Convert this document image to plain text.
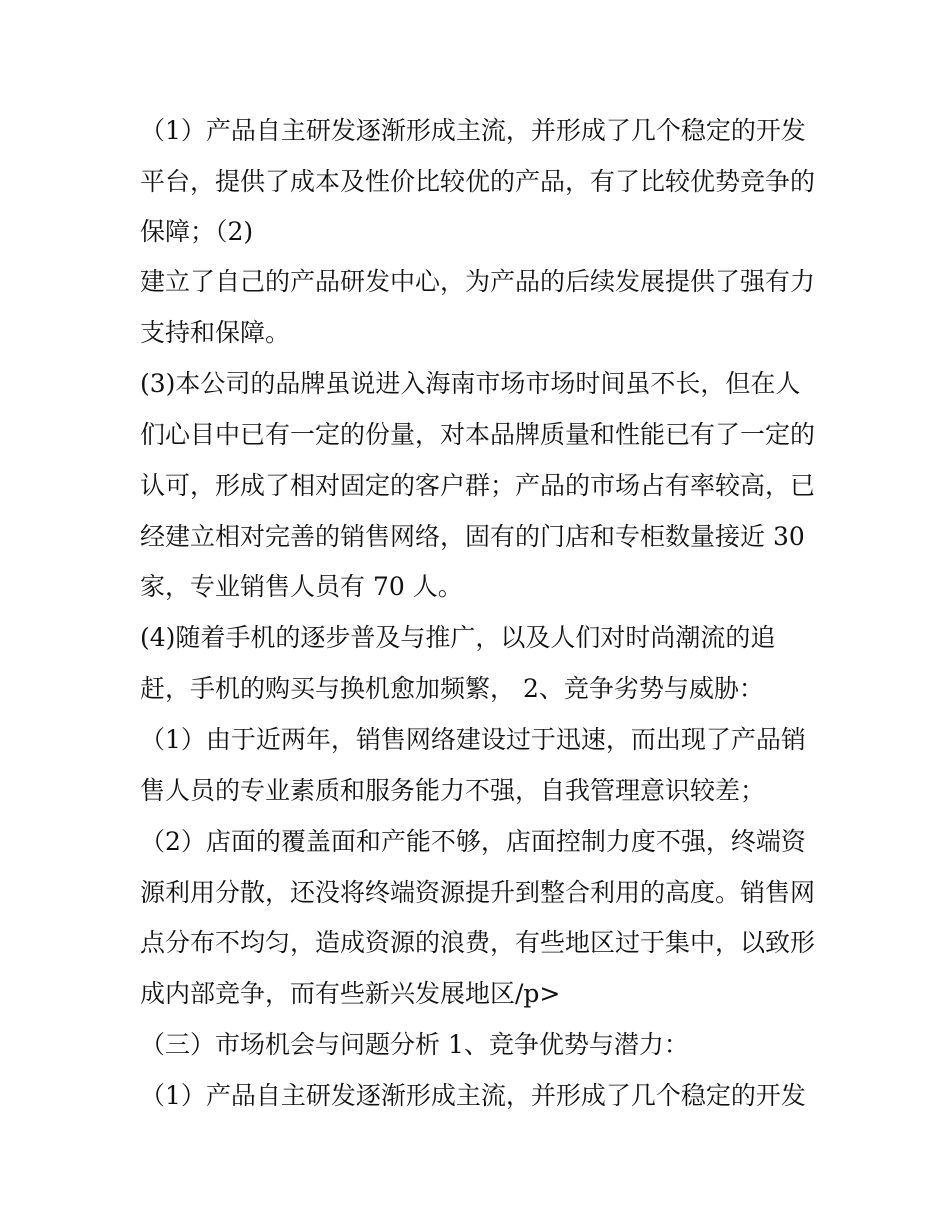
（1）产品自主研发逐渐形成主流，并形成了几个稳定的开发
平台，提供了成本及性价比较优的产品，有了比较优势竞争的
保障；（2)
建立了自己的产品研发中心，为产品的后续发展提供了强有力
支持和保障。
(3)本公司的品牌虽说进入海南市场市场时间虽不长，但在人
们心目中已有一定的份量，对本品牌质量和性能已有了一定的
认可，形成了相对固定的客户群；产品的市场占有率较高，已
经建立相对完善的销售网络，固有的门店和专柜数量接近 30
家，专业销售人员有 70 人。
(4)随着手机的逐步普及与推广，以及人们对时尚潮流的追
赶，手机的购买与换机愈加频繁， 2、竞争劣势与威胁：
（1）由于近两年，销售网络建设过于迅速，而出现了产品销
售人员的专业素质和服务能力不强，自我管理意识较差；
（2）店面的覆盖面和产能不够，店面控制力度不强，终端资
源利用分散，还没将终端资源提升到整合利用的高度。销售网
点分布不均匀，造成资源的浪费，有些地区过于集中，以致形
成内部竞争，而有些新兴发展地区/p>
（三）市场机会与问题分析 1、竞争优势与潜力：
（1）产品自主研发逐渐形成主流，并形成了几个稳定的开发
